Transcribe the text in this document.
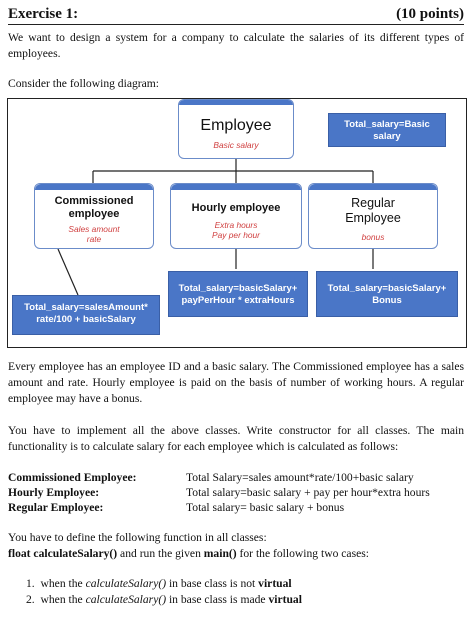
Exercise 1:	(10 points)
We want to design a system for a company to calculate the salaries of its different types of employees.
Consider the following diagram:
Employee
Basic salary
Total_salary=Basic salary
Commissioned
employee
Sales amount
rate
Hourly employee
Extra hours
Pay per hour
Regular
Employee
bonus
Total_salary=salesAmount*
rate/100 + basicSalary
Total_salary=basicSalary+
payPerHour * extraHours
Total_salary=basicSalary+
Bonus
Every employee has an employee ID and a basic salary. The Commissioned employee has a sales amount and rate. Hourly employee is paid on the basis of number of working hours. A regular employee may have a bonus.
You have to implement all the above classes. Write constructor for all classes. The main functionality is to calculate salary for each employee which is calculated as follows:
Commissioned Employee:	Total Salary=sales amount*rate/100+basic salary
Hourly Employee:	Total salary=basic salary + pay per hour*extra hours
Regular Employee:	Total salary= basic salary + bonus
You have to define the following function in all classes:
float calculateSalary() and run the given main() for the following two cases:
1. when the calculateSalary() in base class is not virtual
2. when the calculateSalary() in base class is made virtual
